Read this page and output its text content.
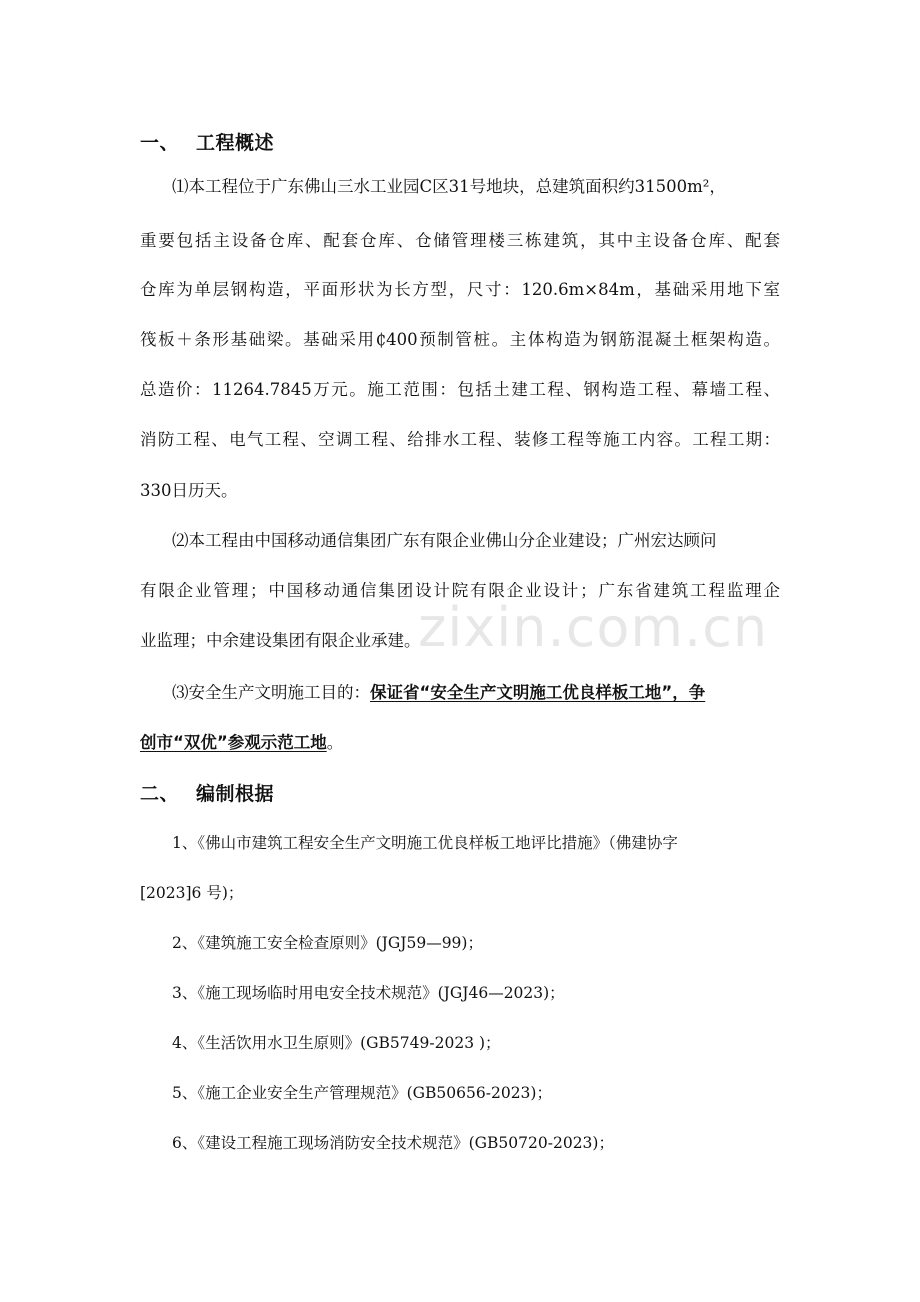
一、 工程概述
⑴本工程位于广东佛山三水工业园C区31号地块，总建筑面积约31500m²，
重要包括主设备仓库、配套仓库、仓储管理楼三栋建筑，其中主设备仓库、配套
仓库为单层钢构造，平面形状为长方型，尺寸：120.6m×84m，基础采用地下室
筏板＋条形基础梁。基础采用₵400预制管桩。主体构造为钢筋混凝土框架构造。
总造价：11264.7845万元。施工范围：包括土建工程、钢构造工程、幕墙工程、
消防工程、电气工程、空调工程、给排水工程、装修工程等施工内容。工程工期：
330日历天。
⑵本工程由中国移动通信集团广东有限企业佛山分企业建设；广州宏达顾问
有限企业管理；中国移动通信集团设计院有限企业设计；广东省建筑工程监理企
业监理；中余建设集团有限企业承建。
⑶安全生产文明施工目的：保证省“安全生产文明施工优良样板工地”，争
创市“双优”参观示范工地。
二、 编制根据
1、《佛山市建筑工程安全生产文明施工优良样板工地评比措施》（佛建协字
[2023]6 号)；
2、《建筑施工安全检查原则》(JGJ59—99)；
3、《施工现场临时用电安全技术规范》(JGJ46—2023)；
4、《生活饮用水卫生原则》(GB5749-2023 )；
5、《施工企业安全生产管理规范》(GB50656-2023)；
6、《建设工程施工现场消防安全技术规范》(GB50720-2023)；
zixin.com.cn
